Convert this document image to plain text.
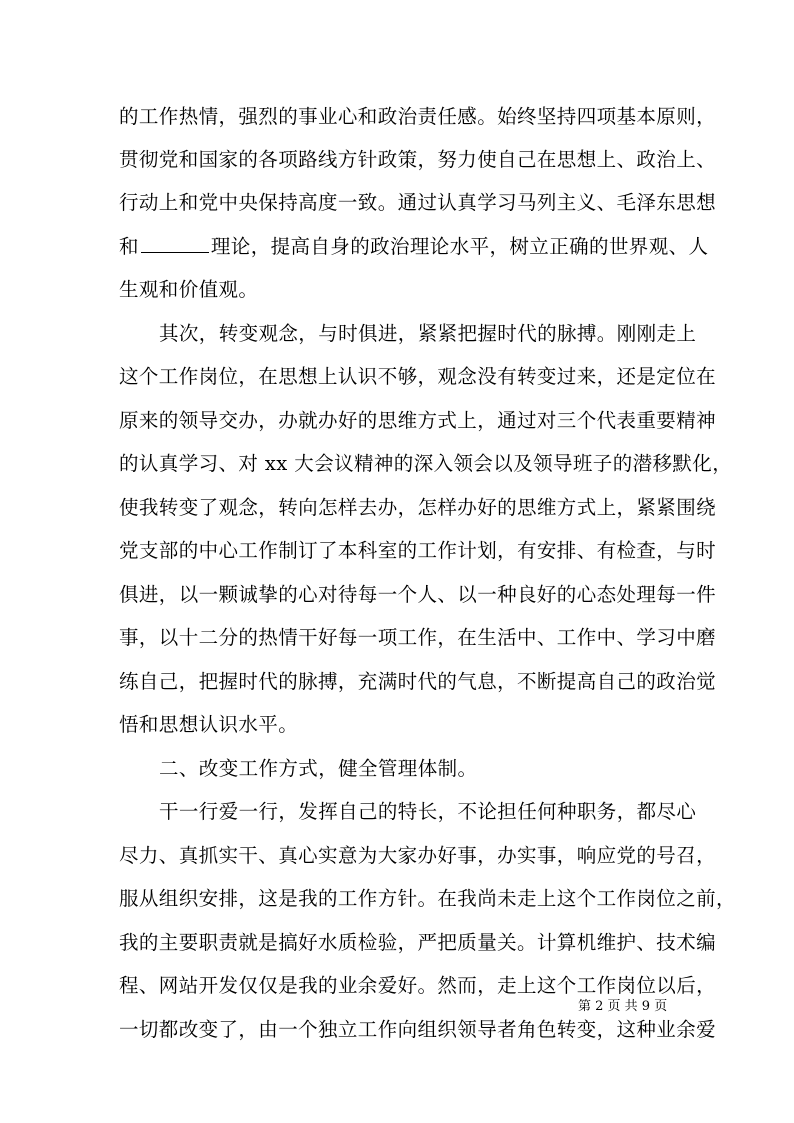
的工作热情，强烈的事业心和政治责任感。始终坚持四项基本原则，
贯彻党和国家的各项路线方针政策，努力使自己在思想上、政治上、
行动上和党中央保持高度一致。通过认真学习马列主义、毛泽东思想
和	理论，提高自身的政治理论水平，树立正确的世界观、人
生观和价值观。
其次，转变观念，与时俱进，紧紧把握时代的脉搏。刚刚走上
这个工作岗位，在思想上认识不够，观念没有转变过来，还是定位在
原来的领导交办，办就办好的思维方式上，通过对三个代表重要精神
的认真学习、对 xx 大会议精神的深入领会以及领导班子的潜移默化，
使我转变了观念，转向怎样去办，怎样办好的思维方式上，紧紧围绕
党支部的中心工作制订了本科室的工作计划，有安排、有检查，与时
俱进，以一颗诚挚的心对待每一个人、以一种良好的心态处理每一件
事，以十二分的热情干好每一项工作，在生活中、工作中、学习中磨
练自己，把握时代的脉搏，充满时代的气息，不断提高自己的政治觉
悟和思想认识水平。
二、改变工作方式，健全管理体制。
干一行爱一行，发挥自己的特长，不论担任何种职务，都尽心
尽力、真抓实干、真心实意为大家办好事，办实事，响应党的号召，
服从组织安排，这是我的工作方针。在我尚未走上这个工作岗位之前，
我的主要职责就是搞好水质检验，严把质量关。计算机维护、技术编
程、网站开发仅仅是我的业余爱好。然而，走上这个工作岗位以后，
一切都改变了，由一个独立工作向组织领导者角色转变，这种业余爱
第 2 页 共 9 页
